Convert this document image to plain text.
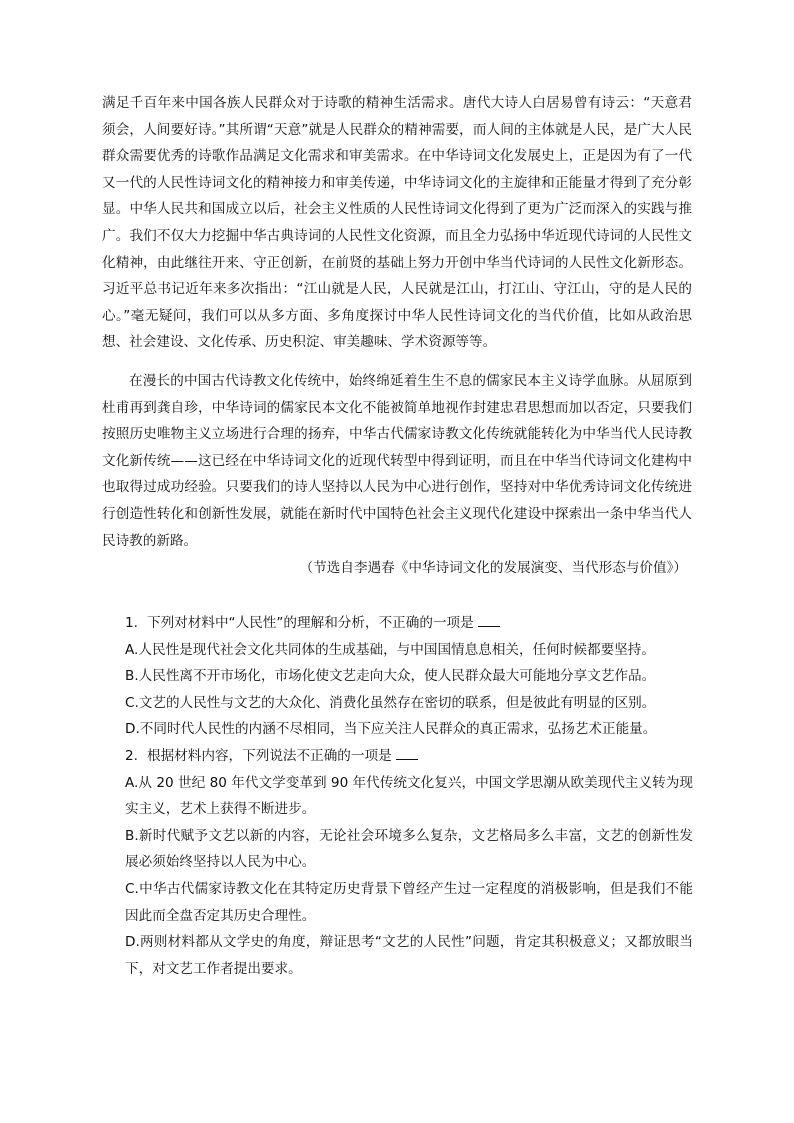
满足千百年来中国各族人民群众对于诗歌的精神生活需求。唐代大诗人白居易曾有诗云：“天意君须会，人间要好诗。”其所谓“天意”就是人民群众的精神需要，而人间的主体就是人民，是广大人民群众需要优秀的诗歌作品满足文化需求和审美需求。在中华诗词文化发展史上，正是因为有了一代又一代的人民性诗词文化的精神接力和审美传递，中华诗词文化的主旋律和正能量才得到了充分彰显。中华人民共和国成立以后，社会主义性质的人民性诗词文化得到了更为广泛而深入的实践与推广。我们不仅大力挖掘中华古典诗词的人民性文化资源，而且全力弘扬中华近现代诗词的人民性文化精神，由此继往开来、守正创新，在前贤的基础上努力开创中华当代诗词的人民性文化新形态。习近平总书记近年来多次指出：“江山就是人民，人民就是江山，打江山、守江山，守的是人民的心。”毫无疑问，我们可以从多方面、多角度探讨中华人民性诗词文化的当代价值，比如从政治思想、社会建设、文化传承、历史积淀、审美趣味、学术资源等等。

在漫长的中国古代诗教文化传统中，始终绵延着生生不息的儒家民本主义诗学血脉。从屈原到杜甫再到龚自珍，中华诗词的儒家民本文化不能被简单地视作封建忠君思想而加以否定，只要我们按照历史唯物主义立场进行合理的扬弃，中华古代儒家诗教文化传统就能转化为中华当代人民诗教文化新传统——这已经在中华诗词文化的近现代转型中得到证明，而且在中华当代诗词文化建构中也取得过成功经验。只要我们的诗人坚持以人民为中心进行创作，坚持对中华优秀诗词文化传统进行创造性转化和创新性发展，就能在新时代中国特色社会主义现代化建设中探索出一条中华当代人民诗教的新路。

（节选自李遇春《中华诗词文化的发展演变、当代形态与价值》）

1. 下列对材料中“人民性”的理解和分析，不正确的一项是

A.人民性是现代社会文化共同体的生成基础，与中国国情息息相关，任何时候都要坚持。

B.人民性离不开市场化，市场化使文艺走向大众，使人民群众最大可能地分享文艺作品。

C.文艺的人民性与文艺的大众化、消费化虽然存在密切的联系，但是彼此有明显的区别。

D.不同时代人民性的内涵不尽相同，当下应关注人民群众的真正需求，弘扬艺术正能量。

2. 根据材料内容，下列说法不正确的一项是

A.从 20 世纪 80 年代文学变革到 90 年代传统文化复兴，中国文学思潮从欧美现代主义转为现实主义，艺术上获得不断进步。

B.新时代赋予文艺以新的内容，无论社会环境多么复杂，文艺格局多么丰富，文艺的创新性发展必须始终坚持以人民为中心。

C.中华古代儒家诗教文化在其特定历史背景下曾经产生过一定程度的消极影响，但是我们不能因此而全盘否定其历史合理性。

D.两则材料都从文学史的角度，辩证思考“文艺的人民性”问题，肯定其积极意义；又都放眼当下，对文艺工作者提出要求。
